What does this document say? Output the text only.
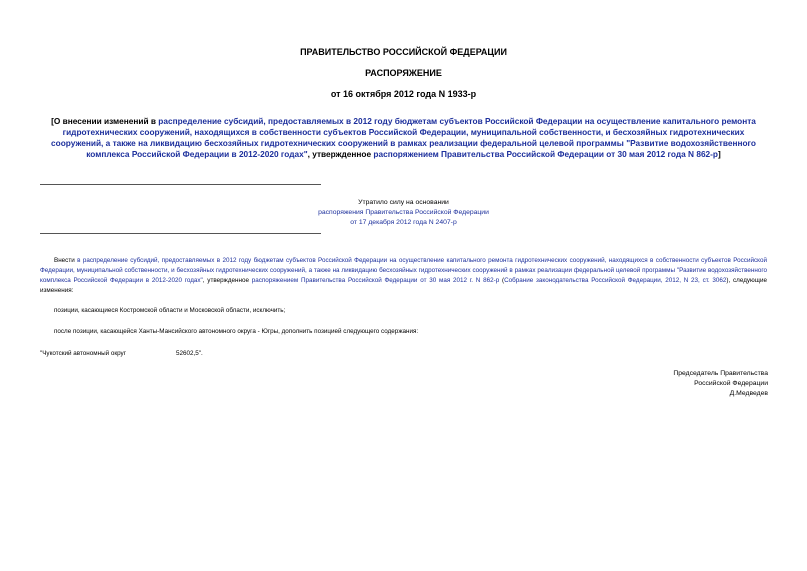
ПРАВИТЕЛЬСТВО РОССИЙСКОЙ ФЕДЕРАЦИИ
РАСПОРЯЖЕНИЕ
от 16 октября 2012 года N 1933-р
[О внесении изменений в распределение субсидий, предоставляемых в 2012 году бюджетам субъектов Российской Федерации на осуществление капитального ремонта гидротехнических сооружений, находящихся в собственности субъектов Российской Федерации, муниципальной собственности, и бесхозяйных гидротехнических сооружений, а также на ликвидацию бесхозяйных гидротехнических сооружений в рамках реализации федеральной целевой программы "Развитие водохозяйственного комплекса Российской Федерации в 2012-2020 годах", утвержденное распоряжением Правительства Российской Федерации от 30 мая 2012 года N 862-р]
Утратило силу на основании
распоряжения Правительства Российской Федерации
от 17 декабря 2012 года N 2407-р
Внести в распределение субсидий, предоставляемых в 2012 году бюджетам субъектов Российской Федерации на осуществление капитального ремонта гидротехнических сооружений, находящихся в собственности субъектов Российской Федерации, муниципальной собственности, и бесхозяйных гидротехнических сооружений, а также на ликвидацию бесхозяйных гидротехнических сооружений в рамках реализации федеральной целевой программы "Развитие водохозяйственного комплекса Российской Федерации в 2012-2020 годах", утвержденное распоряжением Правительства Российской Федерации от 30 мая 2012 г. N 862-р (Собрание законодательства Российской Федерации, 2012, N 23, ст. 3062), следующие изменения:
позиции, касающиеся Костромской области и Московской области, исключить;
после позиции, касающейся Ханты-Мансийского автономного округа - Югры, дополнить позицией следующего содержания:
"Чукотский автономный округ	52602,5".
Председатель Правительства
Российской Федерации
Д.Медведев
